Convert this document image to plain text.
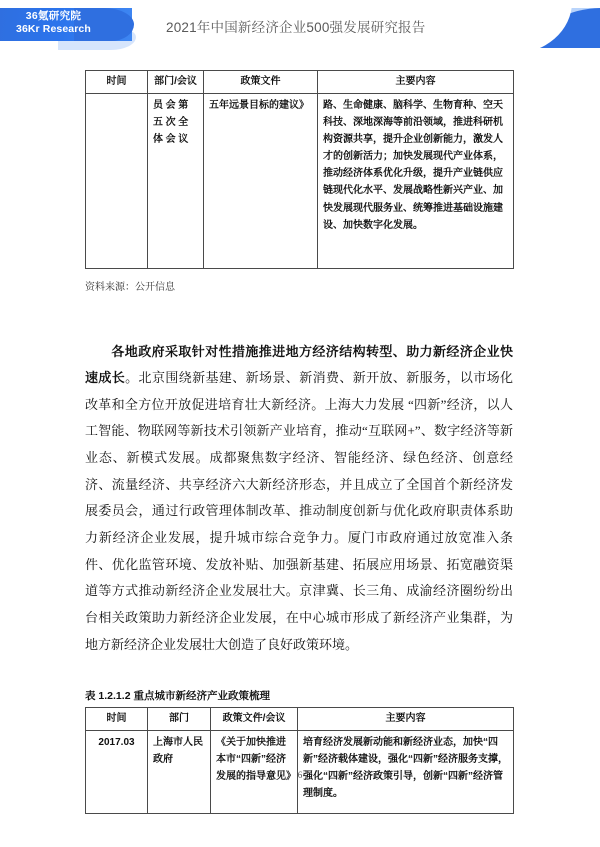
36氪研究院
36Kr Research	2021年中国新经济企业500强发展研究报告
时间	部门/会议	政策文件	主要内容
	员会第五次全体会议	五年远景目标的建议》	路、生命健康、脑科学、生物育种、空天科技、深地深海等前沿领域，推进科研机构资源共享，提升企业创新能力，激发人才的创新活力；加快发展现代产业体系，推动经济体系优化升级，提升产业链供应链现代化水平、发展战略性新兴产业、加快发展现代服务业、统筹推进基础设施建设、加快数字化发展。
资料来源：公开信息

各地政府采取针对性措施推进地方经济结构转型、助力新经济企业快速成长。北京围绕新基建、新场景、新消费、新开放、新服务，以市场化改革和全方位开放促进培育壮大新经济。上海大力发展 “四新”经济，以人工智能、物联网等新技术引领新产业培育，推动“互联网+”、数字经济等新业态、新模式发展。成都聚焦数字经济、智能经济、绿色经济、创意经济、流量经济、共享经济六大新经济形态，并且成立了全国首个新经济发展委员会，通过行政管理体制改革、推动制度创新与优化政府职责体系助力新经济企业发展，提升城市综合竞争力。厦门市政府通过放宽准入条件、优化监管环境、发放补贴、加强新基建、拓展应用场景、拓宽融资渠道等方式推动新经济企业发展壮大。京津冀、长三角、成渝经济圈纷纷出台相关政策助力新经济企业发展，在中心城市形成了新经济产业集群，为地方新经济企业发展壮大创造了良好政策环境。

表 1.2.1.2 重点城市新经济产业政策梳理
时间	部门	政策文件/会议	主要内容
2017.03	上海市人民政府	《关于加快推进本市“四新”经济发展的指导意见》	培育经济发展新动能和新经济业态，加快“四新”经济载体建设，强化“四新”经济服务支撑，强化“四新”经济政策引导，创新“四新”经济管理制度。
6
